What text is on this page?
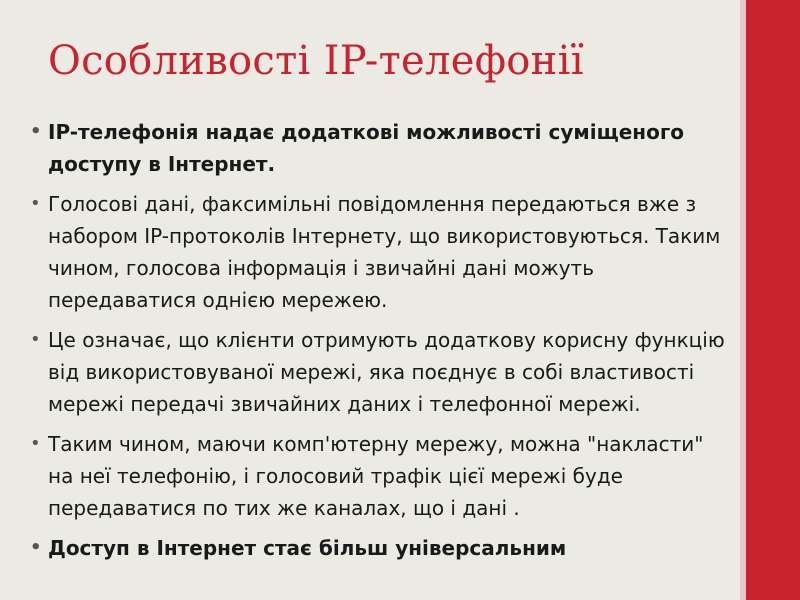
Особливості IP-телефонії
• IP-телефонія надає додаткові можливості суміщеного доступу в Інтернет.
• Голосові дані, факсимільні повідомлення передаються вже з набором IP-протоколів Інтернету, що використовуються. Таким чином, голосова інформація і звичайні дані можуть передаватися однією мережею.
• Це означає, що клієнти отримують додаткову корисну функцію від використовуваної мережі, яка поєднує в собі властивості мережі передачі звичайних даних і телефонної мережі.
• Таким чином, маючи комп'ютерну мережу, можна "накласти" на неї телефонію, і голосовий трафік цієї мережі буде передаватися по тих же каналах, що і дані .
• Доступ в Інтернет стає більш універсальним
